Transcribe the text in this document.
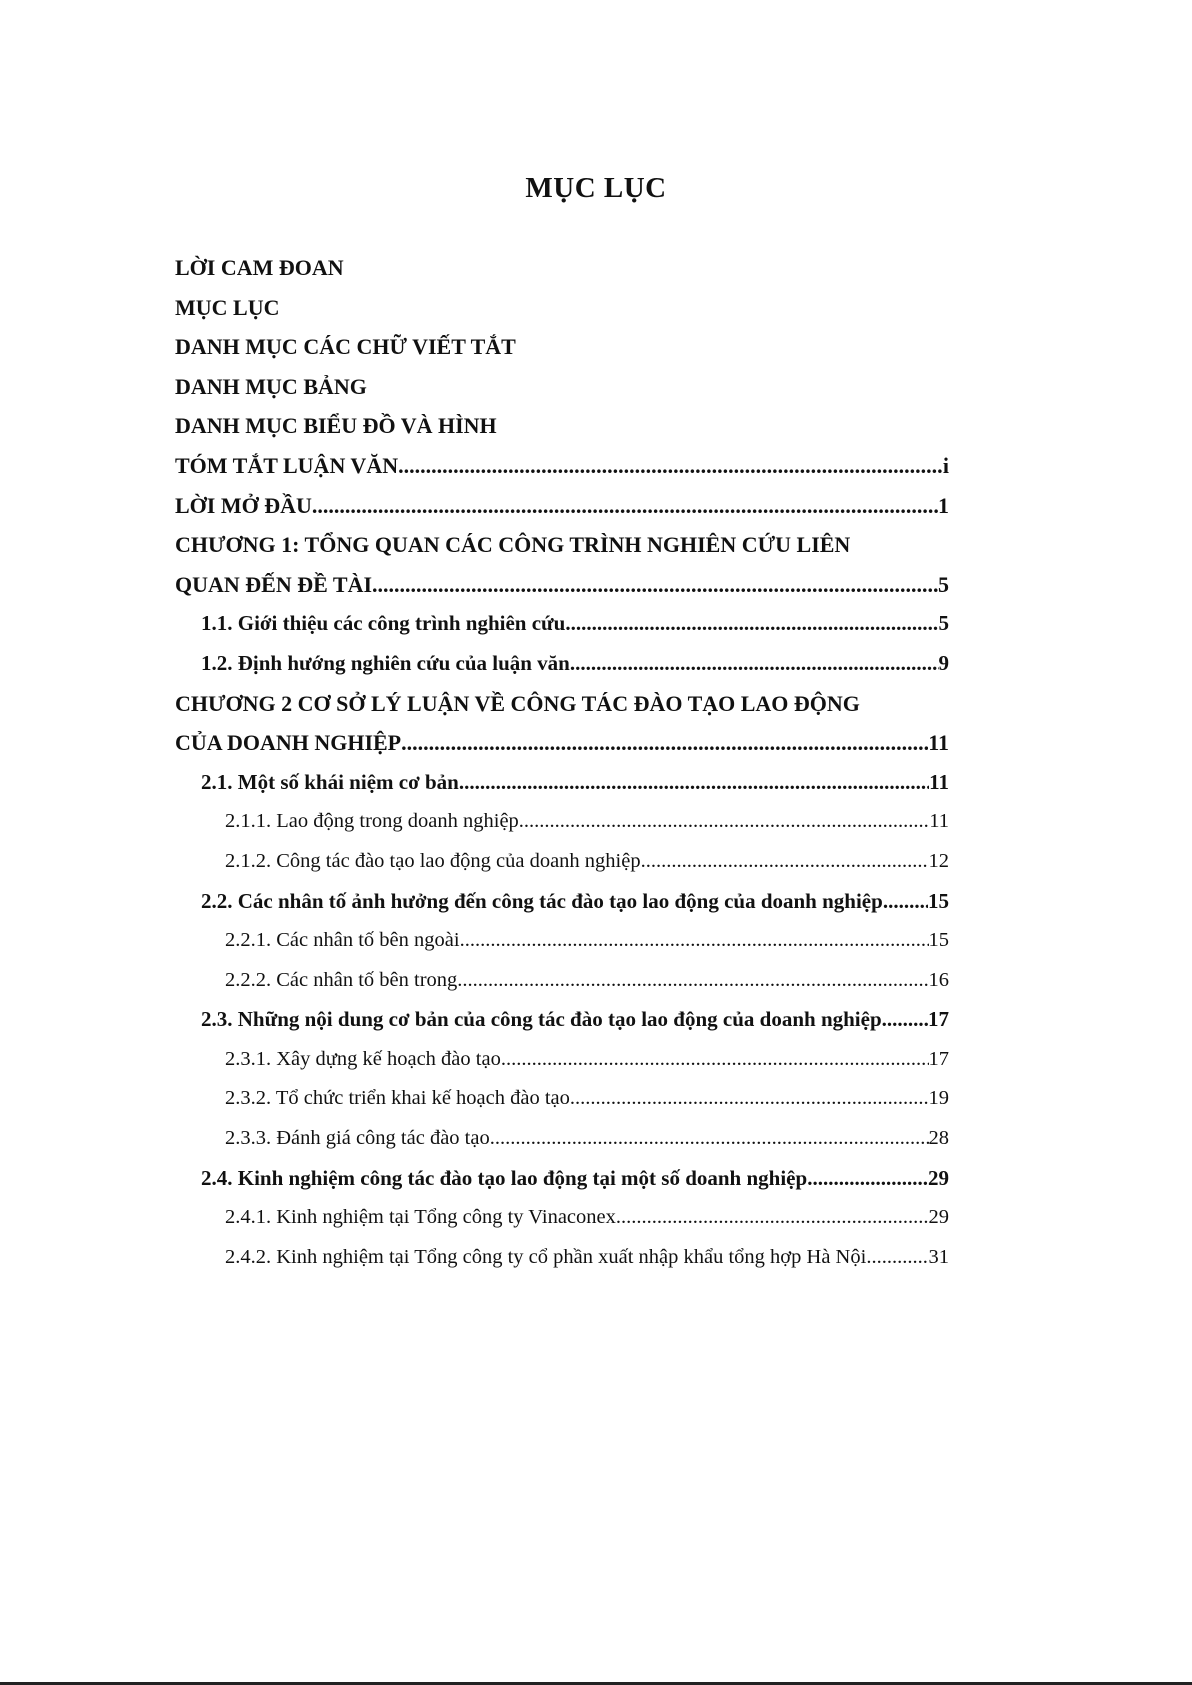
MỤC LỤC
LỜI CAM ĐOAN
MỤC LỤC
DANH MỤC CÁC CHỮ VIẾT TẮT
DANH MỤC BẢNG
DANH MỤC BIỂU ĐỒ VÀ HÌNH
TÓM TẮT LUẬN VĂN .....	i
LỜI MỞ ĐẦU .....	1
CHƯƠNG 1: TỔNG QUAN CÁC CÔNG TRÌNH NGHIÊN CỨU LIÊN
QUAN ĐẾN ĐỀ TÀI .....	5
1.1. Giới thiệu các công trình nghiên cứu .....	5
1.2. Định hướng nghiên cứu của luận văn .....	9
CHƯƠNG 2 CƠ SỞ LÝ LUẬN VỀ CÔNG TÁC ĐÀO TẠO LAO ĐỘNG
CỦA DOANH NGHIỆP .....	11
2.1. Một số khái niệm cơ bản .....	11
2.1.1. Lao động trong doanh nghiệp .....	11
2.1.2. Công tác đào tạo lao động của doanh nghiệp .....	12
2.2. Các nhân tố ảnh hưởng đến công tác đào tạo lao động của doanh nghiệp ..... 15
2.2.1. Các nhân tố bên ngoài .....	15
2.2.2. Các nhân tố bên trong .....	16
2.3. Những nội dung cơ bản của công tác đào tạo lao động của doanh nghiệp ..... 17
2.3.1. Xây dựng kế hoạch đào tạo .....	17
2.3.2. Tổ chức triển khai kế hoạch đào tạo .....	19
2.3.3. Đánh giá công tác đào tạo .....	28
2.4. Kinh nghiệm công tác đào tạo lao động tại một số doanh nghiệp .....	29
2.4.1. Kinh nghiệm tại Tổng công ty Vinaconex .....	29
2.4.2. Kinh nghiệm tại Tổng công ty cổ phần xuất nhập khẩu tổng hợp Hà Nội .....	31
